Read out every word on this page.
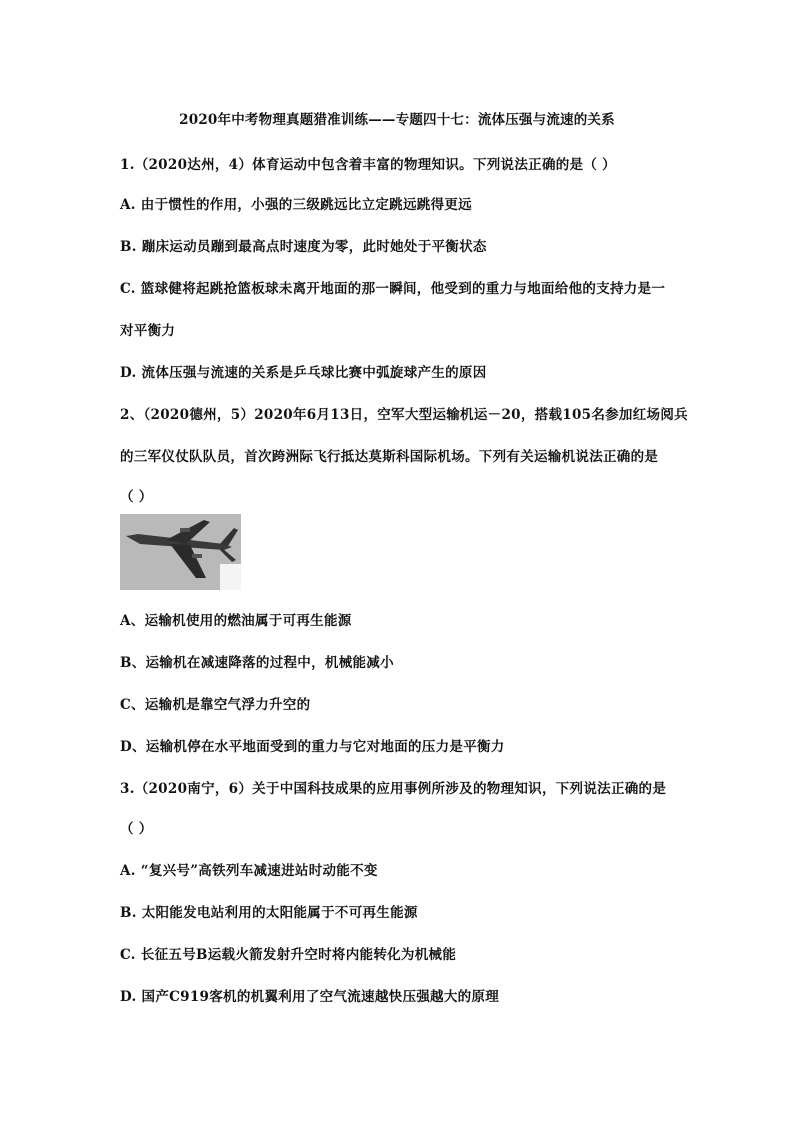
2020年中考物理真题猎准训练——专题四十七：流体压强与流速的关系
1.（2020达州，4）体育运动中包含着丰富的物理知识。下列说法正确的是（ ）
A. 由于惯性的作用，小强的三级跳远比立定跳远跳得更远
B. 蹦床运动员蹦到最高点时速度为零，此时她处于平衡状态
C. 篮球健将起跳抢篮板球未离开地面的那一瞬间，他受到的重力与地面给他的支持力是一
对平衡力
D. 流体压强与流速的关系是乒乓球比赛中弧旋球产生的原因
2、（2020德州，5）2020年6月13日，空军大型运输机运－20，搭载105名参加红场阅兵
的三军仪仗队队员，首次跨洲际飞行抵达莫斯科国际机场。下列有关运输机说法正确的是
（ ）
A、运输机使用的燃油属于可再生能源
B、运输机在减速降落的过程中，机械能减小
C、运输机是靠空气浮力升空的
D、运输机停在水平地面受到的重力与它对地面的压力是平衡力
3.（2020南宁，6）关于中国科技成果的应用事例所涉及的物理知识，下列说法正确的是
（ ）
A. “复兴号”高铁列车减速进站时动能不变
B. 太阳能发电站利用的太阳能属于不可再生能源
C. 长征五号B运载火箭发射升空时将内能转化为机械能
D. 国产C919客机的机翼利用了空气流速越快压强越大的原理
